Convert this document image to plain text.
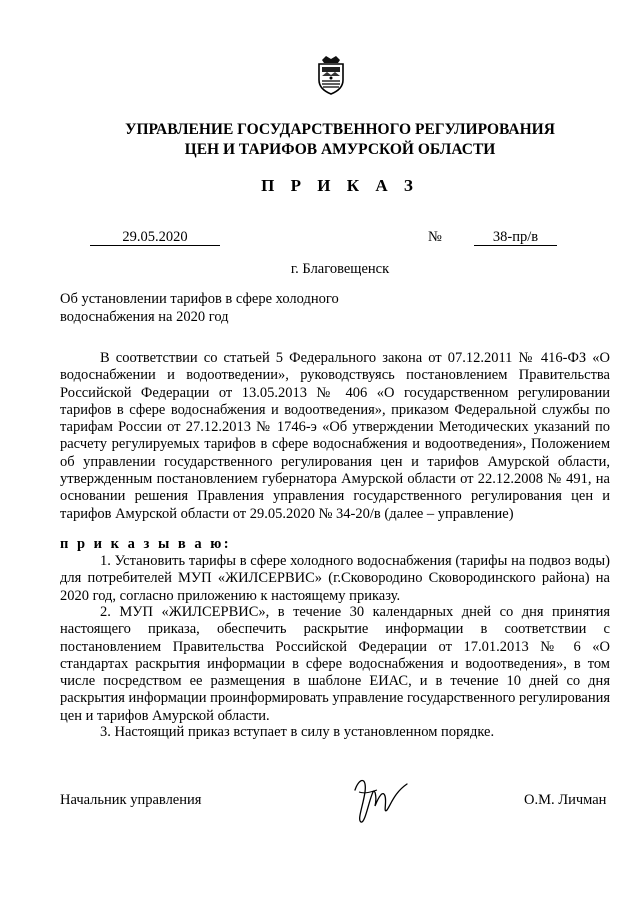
УПРАВЛЕНИЕ ГОСУДАРСТВЕННОГО РЕГУЛИРОВАНИЯ
ЦЕН И ТАРИФОВ АМУРСКОЙ ОБЛАСТИ
П Р И К А З
29.05.2020	№	38-пр/в
г. Благовещенск
Об установлении тарифов в сфере холодного водоснабжения на 2020 год
В соответствии со статьей 5 Федерального закона от 07.12.2011 № 416-ФЗ «О водоснабжении и водоотведении», руководствуясь постановлением Правительства Российской Федерации от 13.05.2013 № 406 «О государственном регулировании тарифов в сфере водоснабжения и водоотведения», приказом Федеральной службы по тарифам России от 27.12.2013 № 1746-э «Об утверждении Методических указаний по расчету регулируемых тарифов в сфере водоснабжения и водоотведения», Положением об управлении государственного регулирования цен и тарифов Амурской области, утвержденным постановлением губернатора Амурской области от 22.12.2008 № 491, на основании решения Правления управления государственного регулирования цен и тарифов Амурской области от 29.05.2020 № 34-20/в (далее – управление)
п р и к а з ы в а ю:
1. Установить тарифы в сфере холодного водоснабжения (тарифы на подвоз воды) для потребителей МУП «ЖИЛСЕРВИС» (г.Сковородино Сковородинского района) на 2020 год, согласно приложению к настоящему приказу.
2. МУП «ЖИЛСЕРВИС», в течение 30 календарных дней со дня принятия настоящего приказа, обеспечить раскрытие информации в соответствии с постановлением Правительства Российской Федерации от 17.01.2013 № 6 «О стандартах раскрытия информации в сфере водоснабжения и водоотведения», в том числе посредством ее размещения в шаблоне ЕИАС, и в течение 10 дней со дня раскрытия информации проинформировать управление государственного регулирования цен и тарифов Амурской области.
3. Настоящий приказ вступает в силу в установленном порядке.
Начальник управления	О.М. Личман
